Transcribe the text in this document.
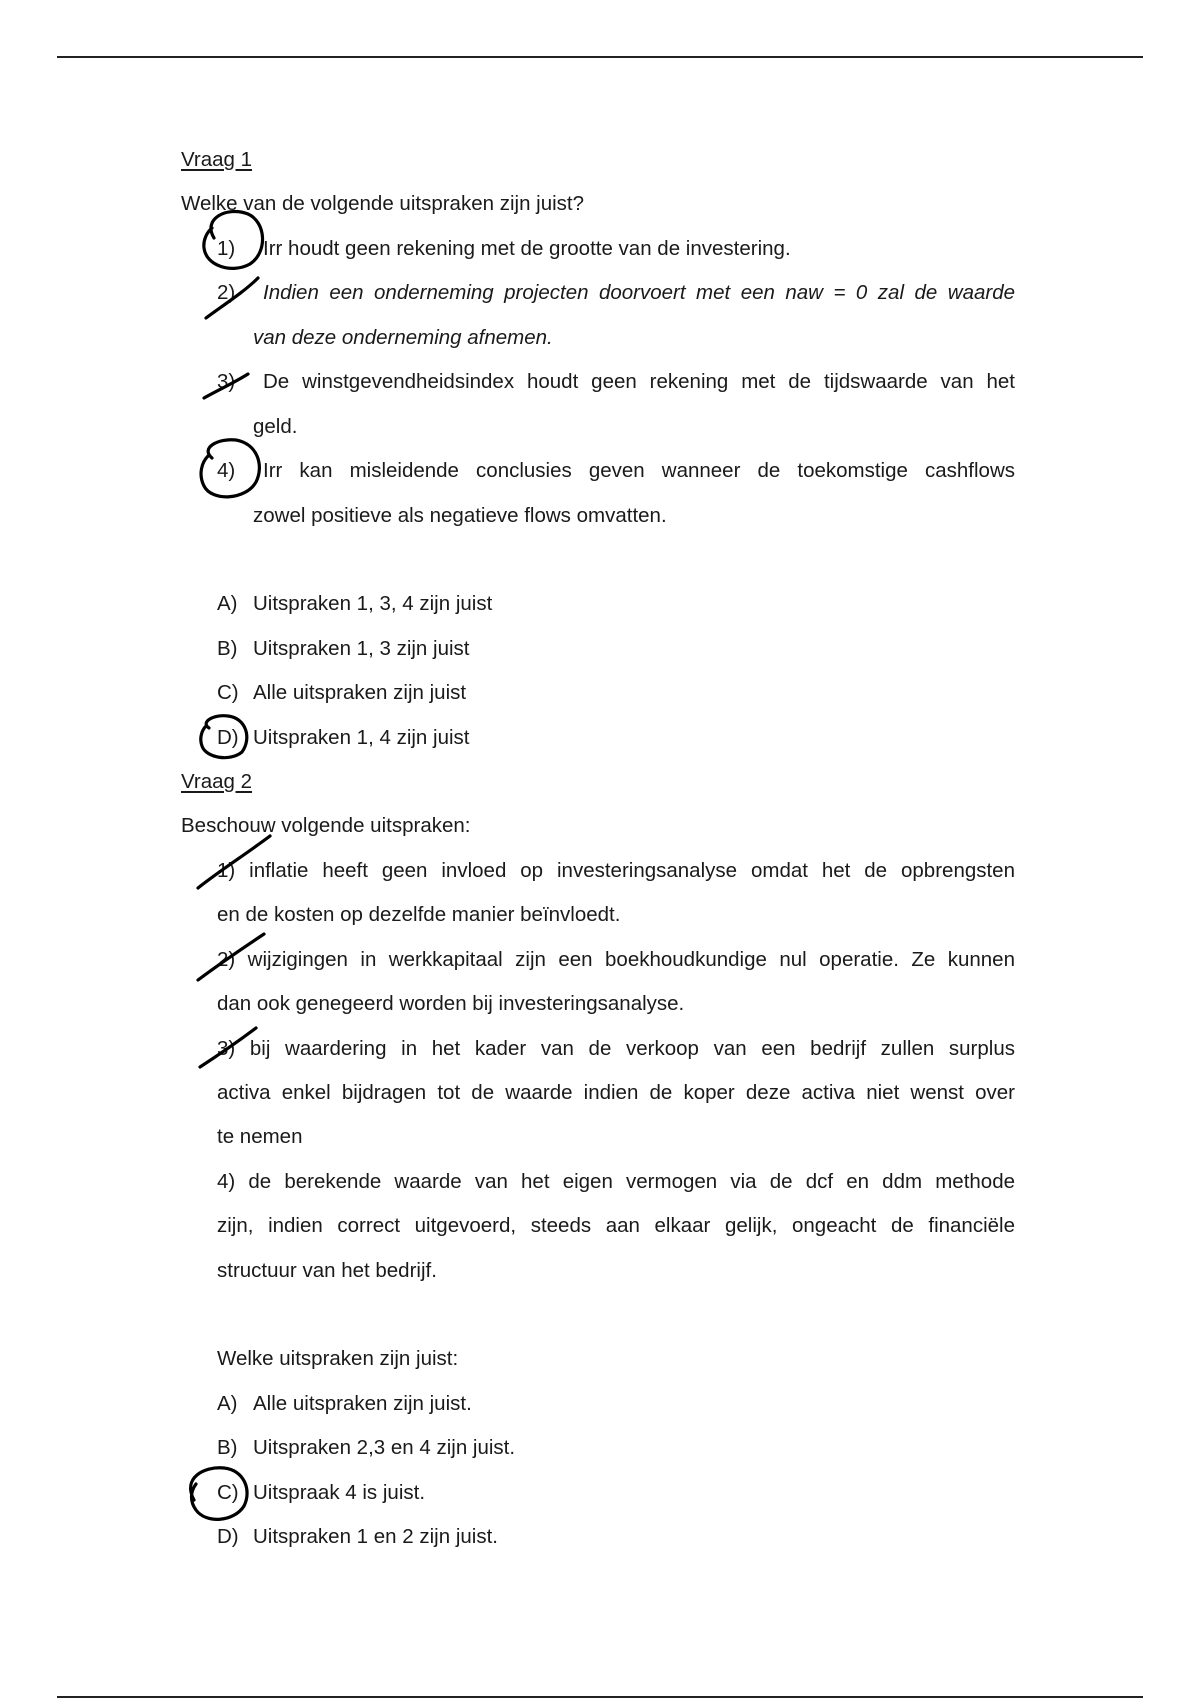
Vraag 1
Welke van de volgende uitspraken zijn juist?
1) Irr houdt geen rekening met de grootte van de investering.
2) Indien een onderneming projecten doorvoert met een naw = 0 zal de waarde
van deze onderneming afnemen.
3) De winstgevendheidsindex houdt geen rekening met de tijdswaarde van het
geld.
4) Irr kan misleidende conclusies geven wanneer de toekomstige cashflows
zowel positieve als negatieve flows omvatten.
A) Uitspraken 1, 3, 4 zijn juist
B) Uitspraken 1, 3 zijn juist
C) Alle uitspraken zijn juist
D) Uitspraken 1, 4 zijn juist
Vraag 2
Beschouw volgende uitspraken:
1) inflatie heeft geen invloed op investeringsanalyse omdat het de opbrengsten
en de kosten op dezelfde manier beïnvloedt.
2) wijzigingen in werkkapitaal zijn een boekhoudkundige nul operatie. Ze kunnen
dan ook genegeerd worden bij investeringsanalyse.
3) bij waardering in het kader van de verkoop van een bedrijf zullen surplus
activa enkel bijdragen tot de waarde indien de koper deze activa niet wenst over
te nemen
4) de berekende waarde van het eigen vermogen via de dcf en ddm methode
zijn, indien correct uitgevoerd, steeds aan elkaar gelijk, ongeacht de financiële
structuur van het bedrijf.
Welke uitspraken zijn juist:
A) Alle uitspraken zijn juist.
B) Uitspraken 2,3 en 4 zijn juist.
C) Uitspraak 4 is juist.
D) Uitspraken 1 en 2 zijn juist.
